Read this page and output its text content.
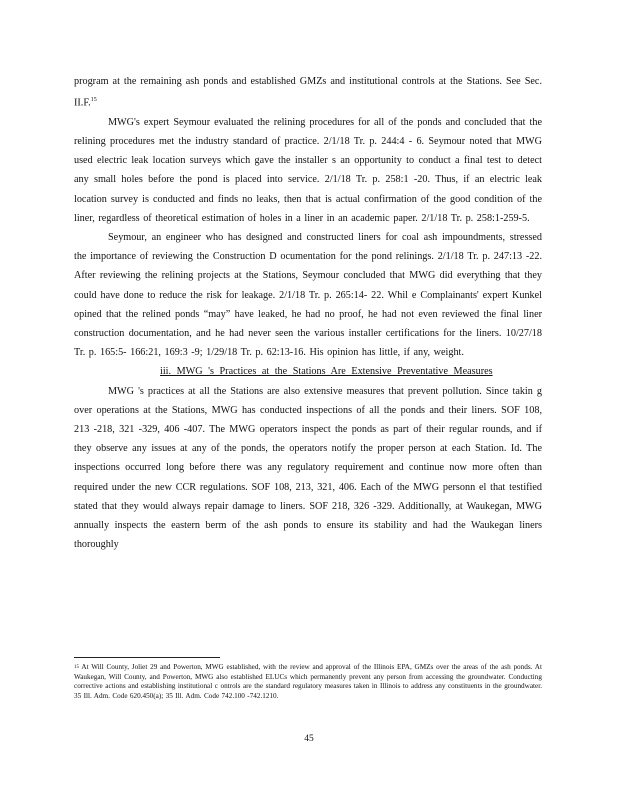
program at the remaining ash ponds and established GMZs and institutional controls at the Stations. See Sec. II.F.$^{15}$

MWG's expert Seymour evaluated the relining procedures for all of the ponds and concluded that the relining procedures met the industry standard of practice. 2/1/18 Tr. p. 244:4 - 6. Seymour noted that MWG used electric leak location surveys which gave the installer s an opportunity to conduct a final test to detect any small holes before the pond is placed into service. 2/1/18 Tr. p. 258:1 -20. Thus, if an electric leak location survey is conducted and finds no leaks, then that is actual confirmation of the good condition of the liner, regardless of theoretical estimation of holes in a liner in an academic paper. 2/1/18 Tr. p. 258:1-259-5.

Seymour, an engineer who has designed and constructed liners for coal ash impoundments, stressed the importance of reviewing the Construction D ocumentation for the pond relinings. 2/1/18 Tr. p. 247:13 -22. After reviewing the relining projects at the Stations, Seymour concluded that MWG did everything that they could have done to reduce the risk for leakage. 2/1/18 Tr. p. 265:14- 22. Whil e Complainants' expert Kunkel opined that the relined ponds “may” have leaked, he had no proof, he had not even reviewed the final liner construction documentation, and he had never seen the various installer certifications for the liners. 10/27/18 Tr. p. 165:5- 166:21, 169:3 -9; 1/29/18 Tr. p. 62:13-16. His opinion has little, if any, weight.

iii. MWG 's Practices at the Stations Are Extensive Preventative Measures

MWG 's practices at all the Stations are also extensive measures that prevent pollution. Since takin g over operations at the Stations, MWG has conducted inspections of all the ponds and their liners. SOF 108, 213 -218, 321 -329, 406 -407. The MWG operators inspect the ponds as part of their regular rounds, and if they observe any issues at any of the ponds, the operators notify the proper person at each Station. Id. The inspections occurred long before there was any regulatory requirement and continue now more often than required under the new CCR regulations. SOF 108, 213, 321, 406. Each of the MWG personn el that testified stated that they would always repair damage to liners. SOF 218, 326 -329. Additionally, at Waukegan, MWG annually inspects the eastern berm of the ash ponds to ensure its stability and had the Waukegan liners thoroughly

$^{15}$ At Will County, Joliet 29 and Powerton, MWG established, with the review and approval of the Illinois EPA, GMZs over the areas of the ash ponds. At Waukegan, Will County, and Powerton, MWG also established ELUCs which permanently prevent any person from accessing the groundwater. Conducting corrective actions and establishing institutional c ontrols are the standard regulatory measures taken in Illinois to address any constituents in the groundwater. 35 Ill. Adm. Code 620.450(a); 35 Ill. Adm. Code 742.100 -742.1210.
45
